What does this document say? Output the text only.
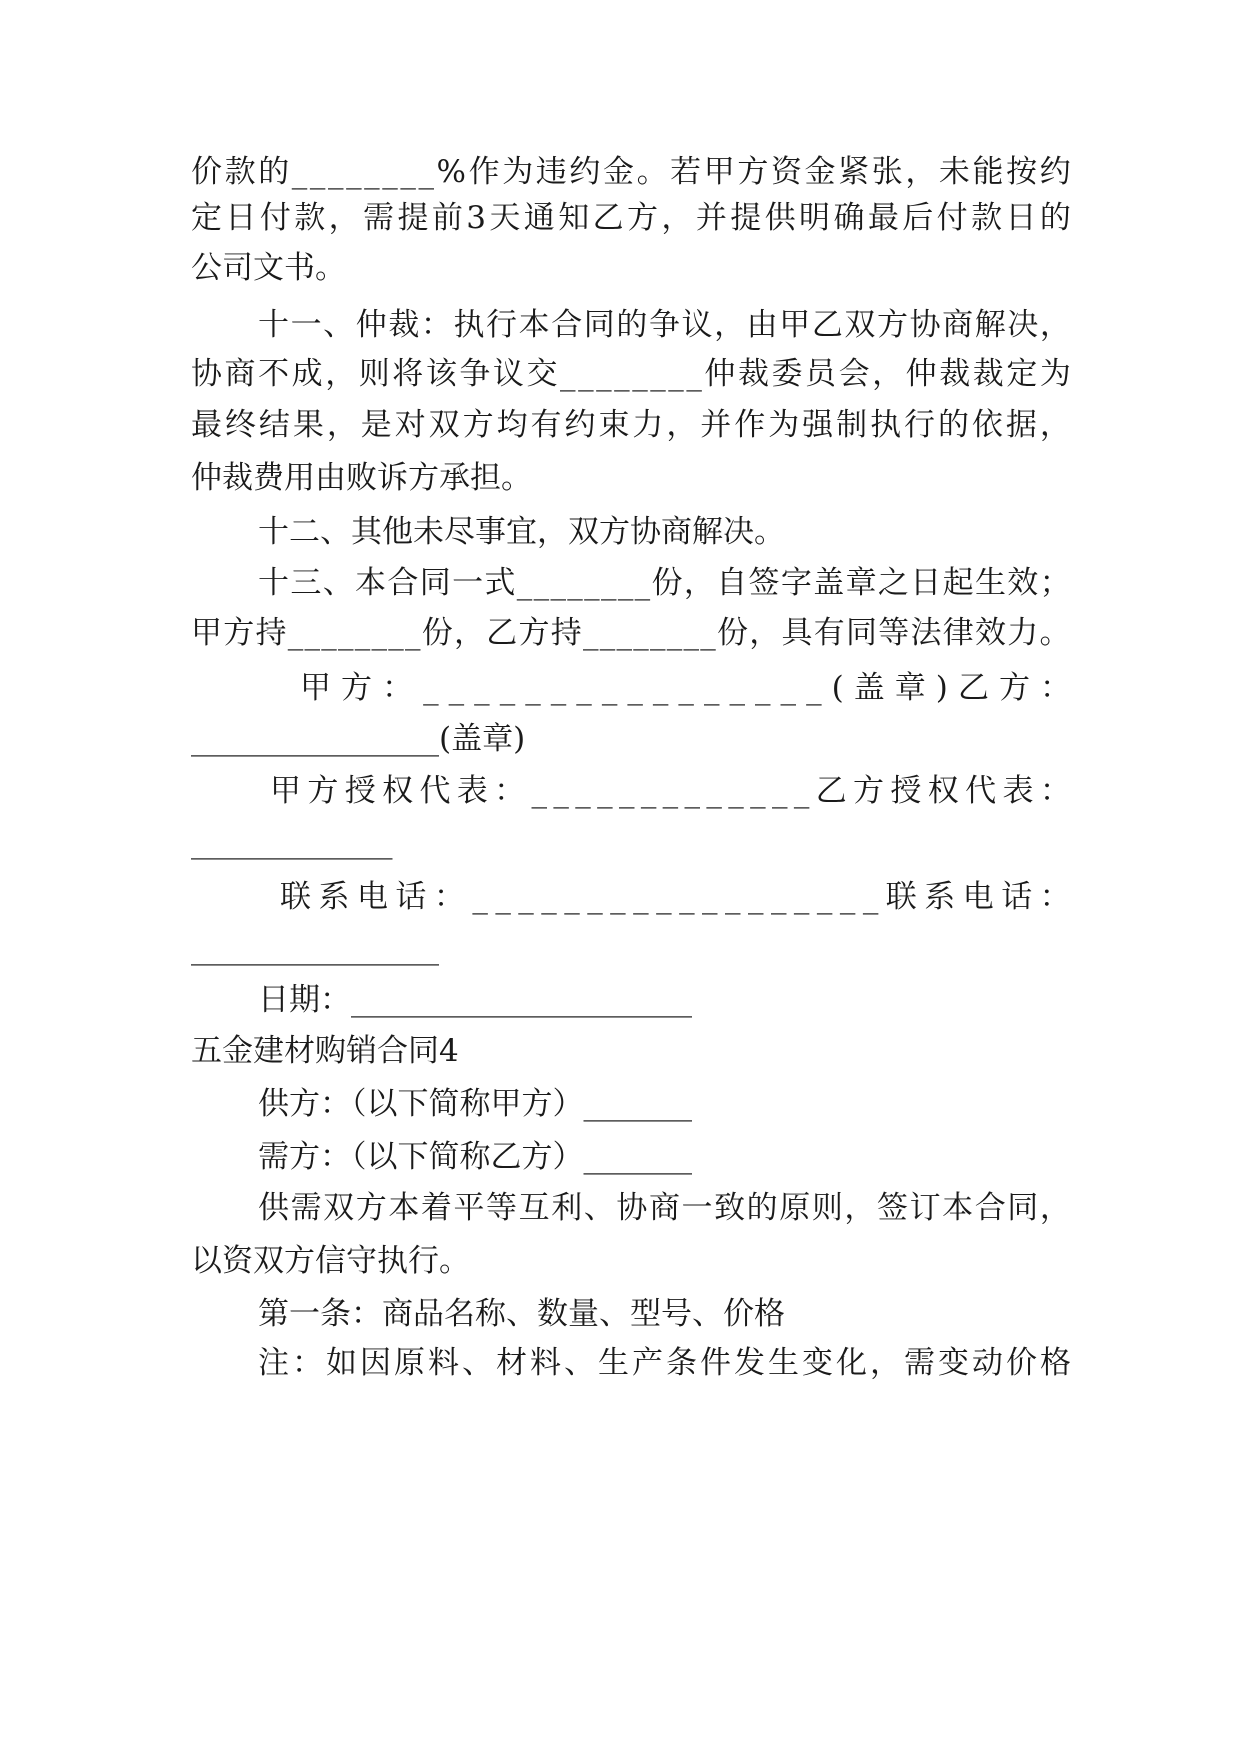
价 款 的 _ _ _ _ _ _ _ _ % 作 为 违 约 金 。 若 甲 方 资 金 紧 张 ， 未 能 按 约
定 日 付 款 ， 需 提 前 3 天 通 知 乙 方 ， 并 提 供 明 确 最 后 付 款 日 的
公司文书。
十 一 、 仲 裁 ： 执 行 本 合 同 的 争 议 ， 由 甲 乙 双 方 协 商 解 决 ，
协 商 不 成 ， 则 将 该 争 议 交 _ _ _ _ _ _ _ _ 仲 裁 委 员 会 ， 仲 裁 裁 定 为
最 终 结 果 ， 是 对 双 方 均 有 约 束 力 ， 并 作 为 强 制 执 行 的 依 据 ，
仲裁费用由败诉方承担。
十二、其他未尽事宜，双方协商解决。
十 三 、 本 合 同 一 式 _ _ _ _ _ _ _ _ 份 ， 自 签 字 盖 章 之 日 起 生 效 ；
甲 方 持 _ _ _ _ _ _ _ _ 份 ， 乙 方 持 _ _ _ _ _ _ _ _ 份 ， 具 有 同 等 法 律 效 力 。
甲 方 ： _ _ _ _ _ _ _ _ _ _ _ _ _ _ _ _ ( 盖 章 ) 乙 方 ：
________________(盖章)
甲 方 授 权 代 表 ： _ _ _ _ _ _ _ _ _ _ _ _ _ 乙 方 授 权 代 表 ：
_____________
联 系 电 话 ： _ _ _ _ _ _ _ _ _ _ _ _ _ _ _ _ _ _ 联 系 电 话 ：
________________
日期：______________________
五金建材购销合同4
供方：（以下简称甲方）_______
需方：（以下简称乙方）_______
供 需 双 方 本 着 平 等 互 利 、 协 商 一 致 的 原 则 ， 签 订 本 合 同 ，
以资双方信守执行。
第一条：商品名称、数量、型号、价格
注 ： 如 因 原 料 、 材 料 、 生 产 条 件 发 生 变 化 ， 需 变 动 价 格
